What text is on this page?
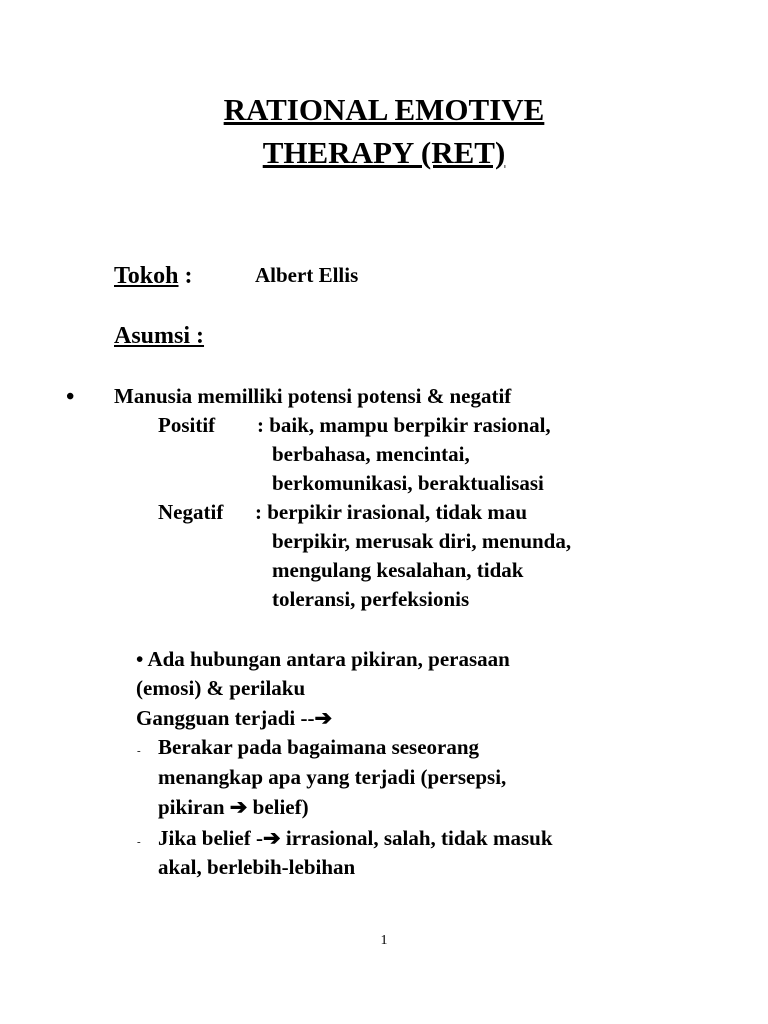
RATIONAL EMOTIVE
THERAPY (RET)
Tokoh :	Albert Ellis
Asumsi :
• Manusia memilliki potensi potensi & negatif
Positif : baik, mampu berpikir rasional,
berbahasa, mencintai,
berkomunikasi, beraktualisasi
Negatif : berpikir irasional, tidak mau
berpikir, merusak diri, menunda,
mengulang kesalahan, tidak
toleransi, perfeksionis
• Ada hubungan antara pikiran, perasaan
(emosi) & perilaku
Gangguan terjadi --➔
- Berakar pada bagaimana seseorang
menangkap apa yang terjadi (persepsi,
pikiran ➔ belief)
- Jika belief -➔ irrasional, salah, tidak masuk
akal, berlebih-lebihan
1
